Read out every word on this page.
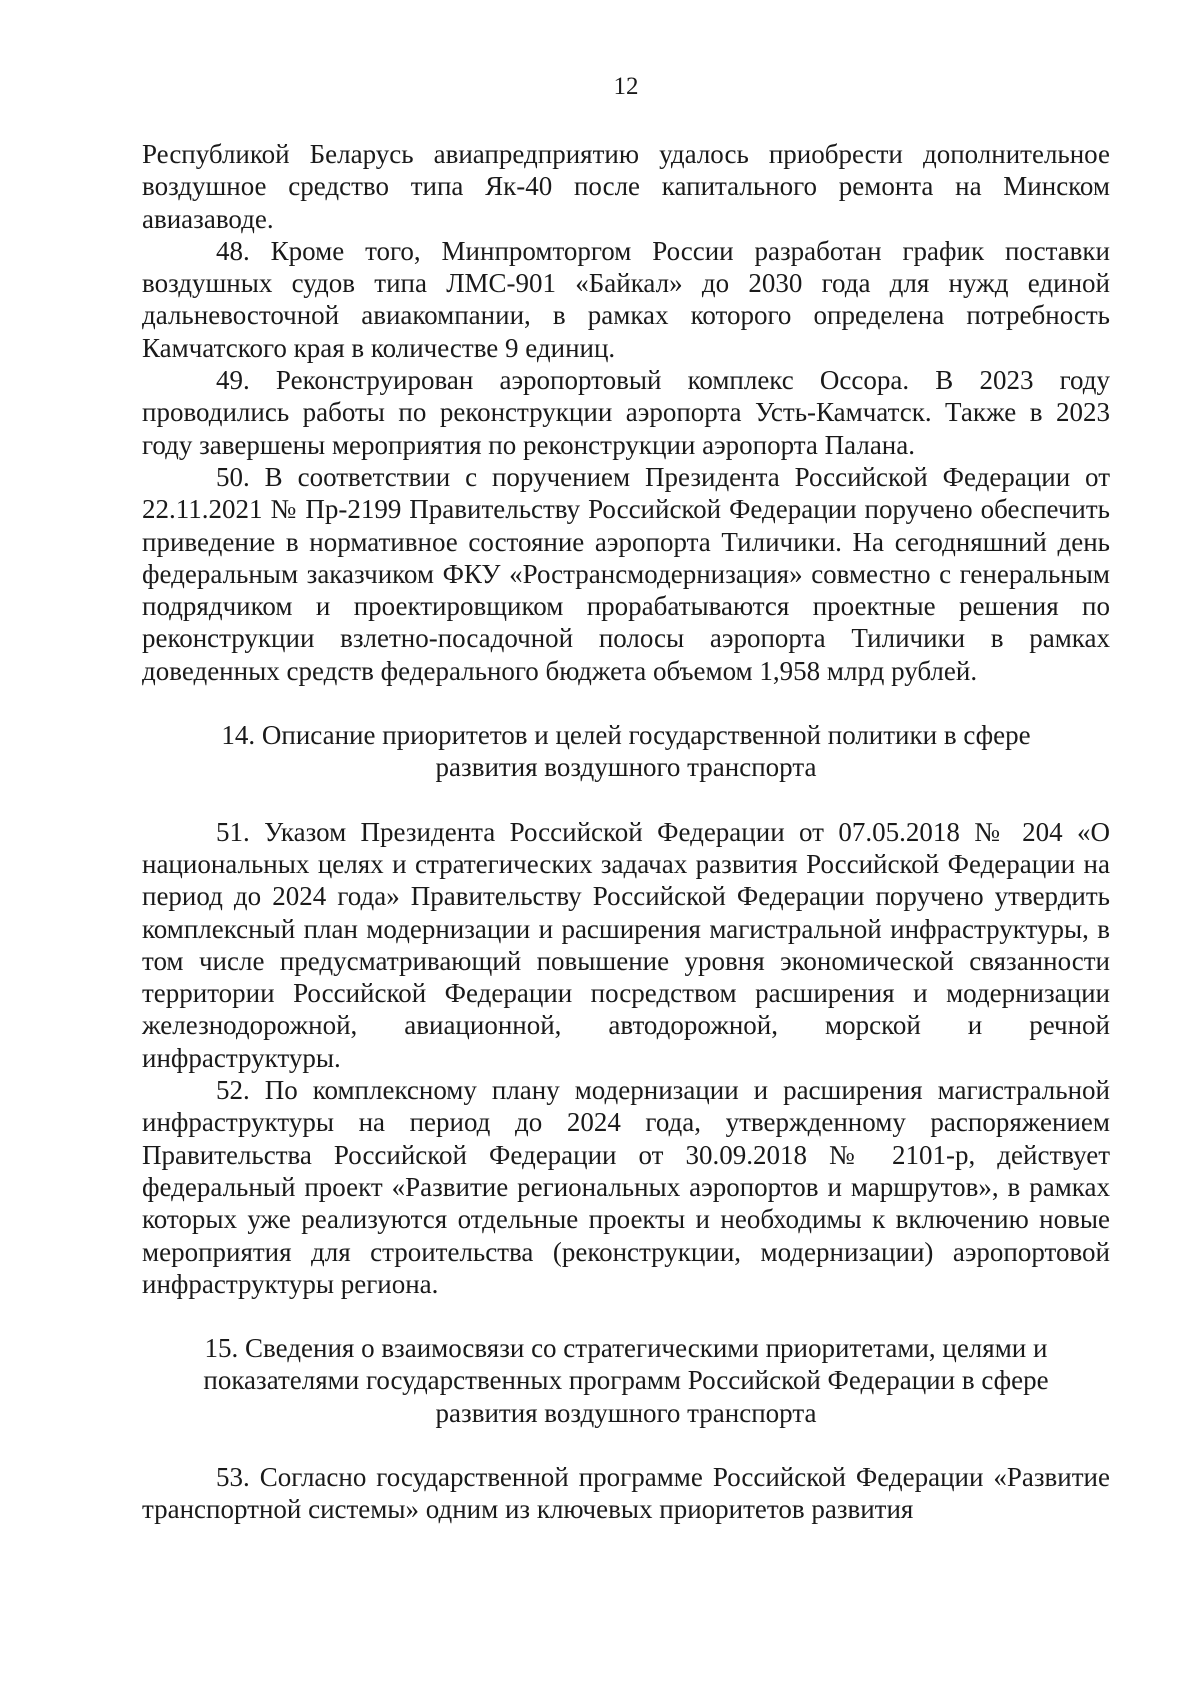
12

Республикой Беларусь авиапредприятию удалось приобрести дополнительное воздушное средство типа Як-40 после капитального ремонта на Минском авиазаводе.

48. Кроме того, Минпромторгом России разработан график поставки воздушных судов типа ЛМС-901 «Байкал» до 2030 года для нужд единой дальневосточной авиакомпании, в рамках которого определена потребность Камчатского края в количестве 9 единиц.

49. Реконструирован аэропортовый комплекс Оссора. В 2023 году проводились работы по реконструкции аэропорта Усть-Камчатск. Также в 2023 году завершены мероприятия по реконструкции аэропорта Палана.

50. В соответствии с поручением Президента Российской Федерации от 22.11.2021 № Пр-2199 Правительству Российской Федерации поручено обеспечить приведение в нормативное состояние аэропорта Тиличики. На сегодняшний день федеральным заказчиком ФКУ «Ространсмодернизация» совместно с генеральным подрядчиком и проектировщиком прорабатываются проектные решения по реконструкции взлетно-посадочной полосы аэропорта Тиличики в рамках доведенных средств федерального бюджета объемом 1,958 млрд рублей.

14. Описание приоритетов и целей государственной политики в сфере развития воздушного транспорта

51. Указом Президента Российской Федерации от 07.05.2018 № 204 «О национальных целях и стратегических задачах развития Российской Федерации на период до 2024 года» Правительству Российской Федерации поручено утвердить комплексный план модернизации и расширения магистральной инфраструктуры, в том числе предусматривающий повышение уровня экономической связанности территории Российской Федерации посредством расширения и модернизации железнодорожной, авиационной, автодорожной, морской и речной инфраструктуры.

52. По комплексному плану модернизации и расширения магистральной инфраструктуры на период до 2024 года, утвержденному распоряжением Правительства Российской Федерации от 30.09.2018 № 2101-р, действует федеральный проект «Развитие региональных аэропортов и маршрутов», в рамках которых уже реализуются отдельные проекты и необходимы к включению новые мероприятия для строительства (реконструкции, модернизации) аэропортовой инфраструктуры региона.

15. Сведения о взаимосвязи со стратегическими приоритетами, целями и показателями государственных программ Российской Федерации в сфере развития воздушного транспорта

53. Согласно государственной программе Российской Федерации «Развитие транспортной системы» одним из ключевых приоритетов развития
